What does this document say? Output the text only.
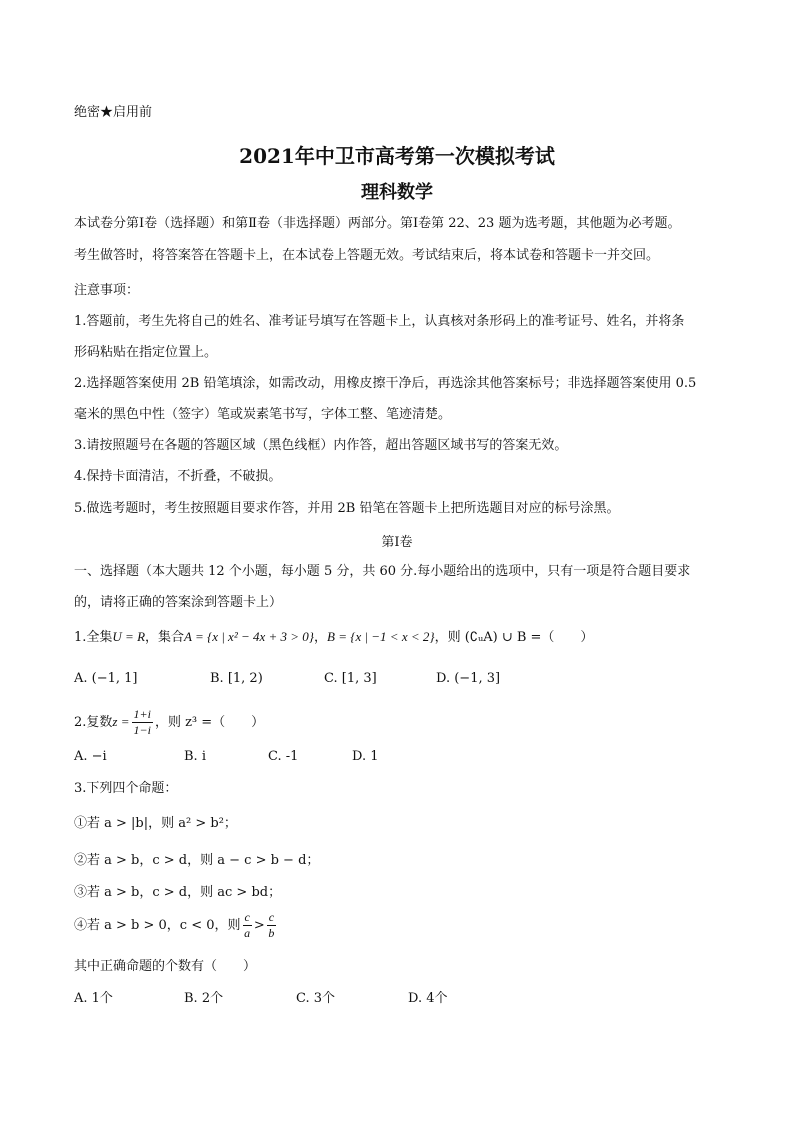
绝密★启用前
2021年中卫市高考第一次模拟考试
理科数学
本试卷分第Ⅰ卷（选择题）和第Ⅱ卷（非选择题）两部分。第Ⅰ卷第 22、23 题为选考题，其他题为必考题。
考生做答时，将答案答在答题卡上，在本试卷上答题无效。考试结束后，将本试卷和答题卡一并交回。
注意事项：
1.答题前，考生先将自己的姓名、准考证号填写在答题卡上，认真核对条形码上的准考证号、姓名，并将条
形码粘贴在指定位置上。
2.选择题答案使用 2B 铅笔填涂，如需改动，用橡皮擦干净后，再选涂其他答案标号；非选择题答案使用 0.5
毫米的黑色中性（签字）笔或炭素笔书写，字体工整、笔迹清楚。
3.请按照题号在各题的答题区域（黑色线框）内作答，超出答题区域书写的答案无效。
4.保持卡面清洁，不折叠，不破损。
5.做选考题时，考生按照题目要求作答，并用 2B 铅笔在答题卡上把所选题目对应的标号涂黑。
第Ⅰ卷
一、选择题（本大题共 12 个小题，每小题 5 分，共 60 分.每小题给出的选项中，只有一项是符合题目要求
的，请将正确的答案涂到答题卡上）
1.全集U = R，集合A = {x | x² − 4x + 3 > 0}，B = {x | −1 < x < 2}，则 (∁ᵤA) ∪ B =（　　）
A. (−1, 1]	B. [1, 2)	C. [1, 3]	D. (−1, 3]
2.复数$z = \frac{1+i}{1-i}$ ，则 z³ =（　　）
A. −i	B. i	C. -1	D. 1
3.下列四个命题：
①若 a > |b|，则 a² > b²；
②若 a > b，c > d，则 a − c > b − d；
③若 a > b，c > d，则 ac > bd；
④若 a > b > 0，c < 0，则 $\frac{c}{a} > \frac{c}{b}$
其中正确命题的个数有（　　）
A. 1个	B. 2个	C. 3个	D. 4个
